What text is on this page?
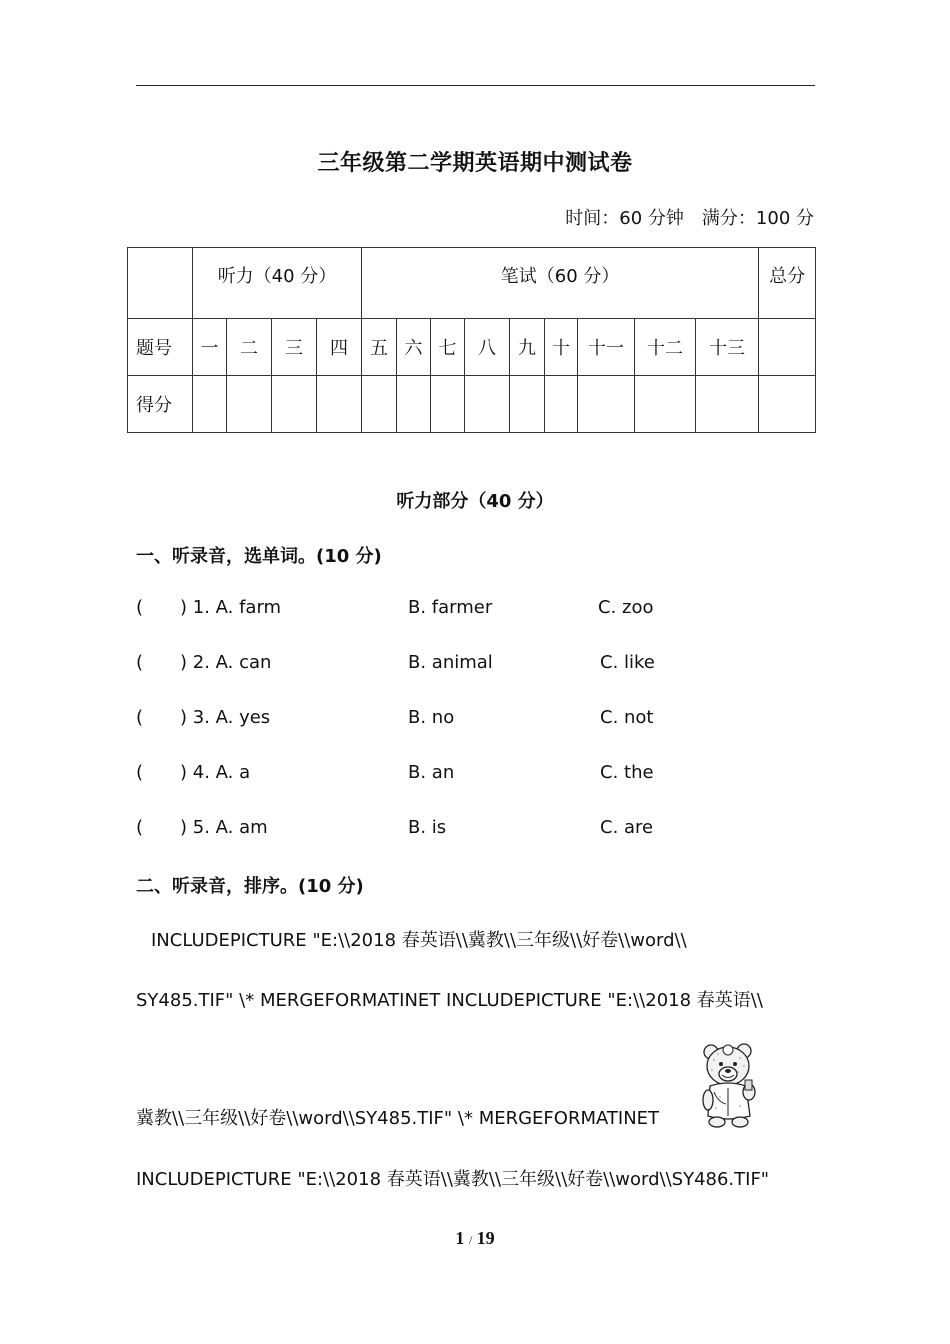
三年级第二学期英语期中测试卷
时间：60 分钟 满分：100 分
	听力（40 分）				笔试（60 分）									总分
题号	一	二	三	四	五	六	七	八	九	十	十一	十二	十三	
得分														
听力部分（40 分）
一、听录音，选单词。(10 分)
( ) 1. A. farm	B. farmer	C. zoo
( ) 2. A. can	B. animal	C. like
( ) 3. A. yes	B. no	C. not
( ) 4. A. a	B. an	C. the
( ) 5. A. am	B. is	C. are
二、听录音，排序。(10 分)
INCLUDEPICTURE "E:\\2018 春英语\\冀教\\三年级\\好卷\\word\\
SY485.TIF" \* MERGEFORMATINET INCLUDEPICTURE "E:\\2018 春英语\\
冀教\\三年级\\好卷\\word\\SY485.TIF" \* MERGEFORMATINET
INCLUDEPICTURE "E:\\2018 春英语\\冀教\\三年级\\好卷\\word\\SY486.TIF"
1 / 19
